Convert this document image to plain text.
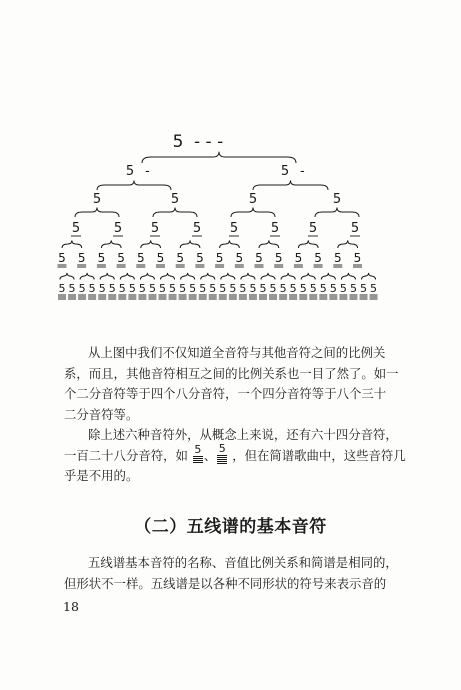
5 - - -
5 -	5 -
5	5	5	5
5	5 5	5 5	5 5	5
5 5 5 5 5 5 5 5 5 5 5 5 5 5 5 5
5 5 5 5 5 5 5 5 5 5 5 5 5 5 5 5 5 5 5 5 5 5 5 5 5 5 5 5 5 5 5 5
从上图中我们不仅知道全音符与其他音符之间的比例关
系，而且，其他音符相互之间的比例关系也一目了然了。如一
个二分音符等于四个八分音符，一个四分音符等于八个三十
二分音符等。
除上述六种音符外，从概念上来说，还有六十四分音符，
一百二十八分音符，如 5 、 5 ，但在简谱歌曲中，这些音符几
乎是不用的。
（二）五线谱的基本音符
五线谱基本音符的名称、音值比例关系和简谱是相同的，
但形状不一样。五线谱是以各种不同形状的符号来表示音的
18
